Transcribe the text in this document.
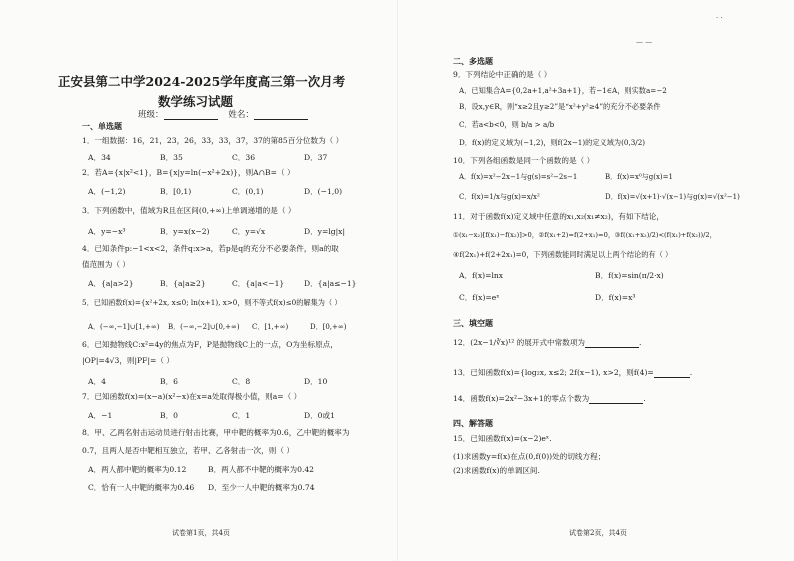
· ·
— —
正安县第二中学2024-2025学年度高三第一次月考
数学练习试题
班级：	姓名：
一、单选题
1．一组数据：16，21，23，26，33，33，37，37的第85百分位数为（ ）
A．34	B．35	C．36	D．37
2．若A={x|x²<1}，B={x|y=ln(−x²+2x)}，则A∩B=（ ）
A．(−1,2)	B．[0,1)	C．(0,1)	D．(−1,0)
3．下列函数中，值域为R且在区间(0,+∞)上单调递增的是（ ）
A．y=−x³	B．y=x(x−2)	C．y=√x	D．y=lg|x|
4．已知条件p:−1<x<2，条件q:x>a，若p是q的充分不必要条件，则a的取
值范围为（ ）
A．{a|a>2}	B．{a|a≥2}	C．{a|a<−1}	D．{a|a≤−1}
5．已知函数f(x)={x²+2x, x≤0; ln(x+1), x>0，则不等式f(x)≤0的解集为（ ）
A．(−∞,−1]∪[1,+∞) B．(−∞,−2]∪[0,+∞) C．[1,+∞)	D．[0,+∞)
6．已知抛物线C:x²=4y的焦点为F，P是抛物线C上的一点，O为坐标原点，
|OP|=4√3，则|PF|=（ ）
A．4	B．6	C．8	D．10
7．已知函数f(x)=(x−a)(x²−x)在x=a处取得极小值，则a=（ ）
A．−1	B．0	C．1	D．0或1
8．甲、乙两名射击运动员进行射击比赛，甲中靶的概率为0.6，乙中靶的概率为
0.7，且两人是否中靶相互独立，若甲、乙各射击一次，则（ ）
A．两人都中靶的概率为0.12	B．两人都不中靶的概率为0.42
C．恰有一人中靶的概率为0.46 D．至少一人中靶的概率为0.74
试卷第1页，共4页
二、多选题
9．下列结论中正确的是（ ）
A．已知集合A={0,2a+1,a²+3a+1}，若−1∈A，则实数a=−2
B．设x,y∈R，则“x≥2且y≥2”是“x²+y²≥4”的充分不必要条件
C．若a<b<0，则 b/a > a/b
D．f(x)的定义域为(−1,2)，则f(2x−1)的定义域为(0,3/2)
10．下列各组函数是同一个函数的是（ ）
A．f(x)=x²−2x−1与g(s)=s²−2s−1	B．f(x)=x⁰与g(x)=1
C．f(x)=1/x与g(x)=x/x²	D．f(x)=√(x+1)·√(x−1)与g(x)=√(x²−1)
11．对于函数f(x)定义域中任意的x₁,x₂(x₁≠x₂)，有如下结论，
①(x₁−x₂)[f(x₁)−f(x₂)]>0，②f(x₁+2)=f(2+x₁)=0，③f((x₁+x₂)/2)<(f(x₁)+f(x₂))/2，
④f(2x₁)+f(2+2x₁)=0，下列函数能同时满足以上两个结论的有（ ）
A．f(x)=lnx	B．f(x)=sin(π/2·x)
C．f(x)=eˣ	D．f(x)=x³
三、填空题
12．(2x−1/∛x)¹² 的展开式中常数项为	.
13．已知函数f(x)={log₂x, x≤2; 2f(x−1), x>2，则f(4)=	.
14．函数f(x)=2x²−3x+1的零点个数为	.
四、解答题
15．已知函数f(x)=(x−2)eˣ.
(1)求函数y=f(x)在点(0,f(0))处的切线方程；
(2)求函数f(x)的单调区间.
试卷第2页，共4页
